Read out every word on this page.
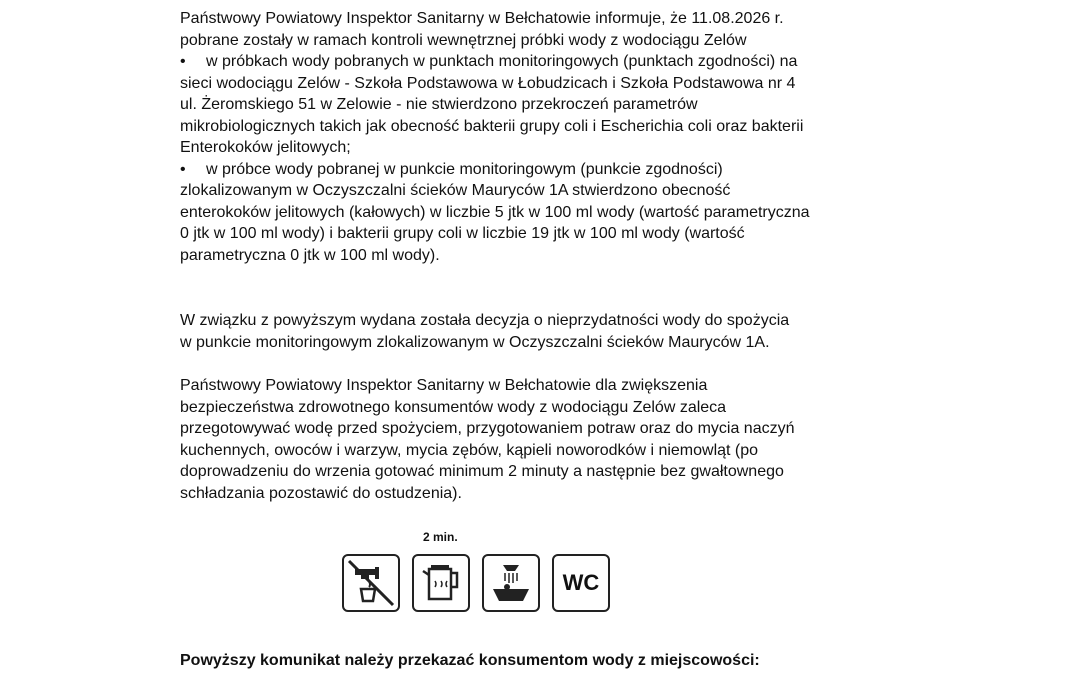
Państwowy Powiatowy Inspektor Sanitarny w Bełchatowie informuje, że 11.08.2026 r.
pobrane zostały w ramach kontroli wewnętrznej próbki wody z wodociągu Zelów

• w próbkach wody pobranych w punktach monitoringowych (punktach zgodności) na
sieci wodociągu Zelów - Szkoła Podstawowa w Łobudzicach i Szkoła Podstawowa nr 4
ul. Żeromskiego 51 w Zelowie - nie stwierdzono przekroczeń parametrów
mikrobiologicznych takich jak obecność bakterii grupy coli i Escherichia coli oraz bakterii
Enterokoków jelitowych;

• w próbce wody pobranej w punkcie monitoringowym (punkcie zgodności)
zlokalizowanym w Oczyszczalni ścieków Mauryców 1A stwierdzono obecność
enterokoków jelitowych (kałowych) w liczbie 5 jtk w 100 ml wody (wartość parametryczna
0 jtk w 100 ml wody) i bakterii grupy coli w liczbie 19 jtk w 100 ml wody (wartość
parametryczna 0 jtk w 100 ml wody).

W związku z powyższym wydana została decyzja o nieprzydatności wody do spożycia
w punkcie monitoringowym zlokalizowanym w Oczyszczalni ścieków Mauryców 1A.

Państwowy Powiatowy Inspektor Sanitarny w Bełchatowie dla zwiększenia
bezpieczeństwa zdrowotnego konsumentów wody z wodociągu Zelów zaleca
przegotowywać wodę przed spożyciem, przygotowaniem potraw oraz do mycia naczyń
kuchennych, owoców i warzyw, mycia zębów, kąpieli noworodków i niemowląt (po
doprowadzeniu do wrzenia gotować minimum 2 minuty a następnie bez gwałtownego
schładzania pozostawić do ostudzenia).

2 min.
WC
Powyższy komunikat należy przekazać konsumentom wody z miejscowości:
